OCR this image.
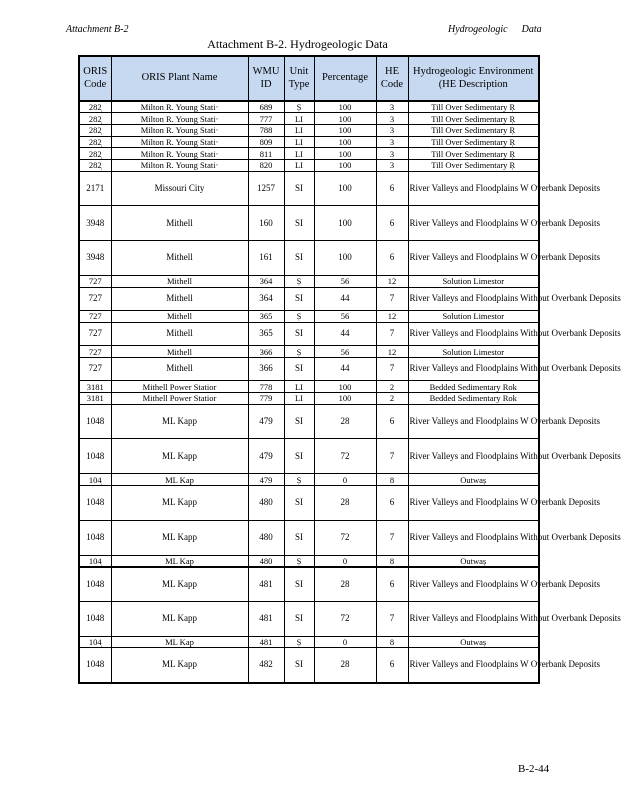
Attachment B-2	Hydrogeologic Data
Attachment B-2. Hydrogeologic Data
ORIS Code	ORIS Plant Name	WMU ID	Unit Type	Percentage	HE Code	Hydrogeologic Environment (HE Description
282̣	Milton R. Young Stati‧	689	Ṣ	100	3	Till Over Sedimentary Ṛ
282̣	Milton R. Young Stati‧	777	LI	100	3	Till Over Sedimentary Ṛ
282̣	Milton R. Young Stati‧	788	LI	100	3	Till Over Sedimentary Ṛ
282̣	Milton R. Young Stati‧	809	LI	100	3	Till Over Sedimentary Ṛ
282̣	Milton R. Young Stati‧	811	LI	100	3	Till Over Sedimentary Ṛ
282̣	Milton R. Young Stati‧	820	LI	100	3	Till Over Sedimentary Ṛ
2171	Missouri City	1257	SI	100	6	River Valleys and Floodplains W Overbank Deposits
3948	Mithell	160	SI	100	6	River Valleys and Floodplains W Overbank Deposits
3948	Mithell	161	SI	100	6	River Valleys and Floodplains W Overbank Deposits
727	Mithell	364	Ṣ	56	12	Solution Limestor
727	Mithell	364	SI	44	7	River Valleys and Floodplains Without Overbank Deposits
727	Mithell	365	Ṣ	56	12	Solution Limestor
727	Mithell	365	SI	44	7	River Valleys and Floodplains Without Overbank Deposits
727	Mithell	366	Ṣ	56	12	Solution Limestor
727	Mithell	366	SI	44	7	River Valleys and Floodplains Without Overbank Deposits
3181	Mithell Power Statior	778	LI	100	2	Bedded Sedimentary Rok
3181	Mithell Power Statior	779	LI	100	2	Bedded Sedimentary Rok
1048	ML Kapp	479	SI	28	6	River Valleys and Floodplains W Overbank Deposits
1048	ML Kapp	479	SI	72	7	River Valleys and Floodplains Without Overbank Deposits
104̣	ML Kap	479	Ṣ	0	8	Outwaṣ
1048	ML Kapp	480	SI	28	6	River Valleys and Floodplains W Overbank Deposits
1048	ML Kapp	480	SI	72	7	River Valleys and Floodplains Without Overbank Deposits
104̣	ML Kap	480	Ṣ	0	8	Outwaṣ
1048	ML Kapp	481	SI	28	6	River Valleys and Floodplains W Overbank Deposits
1048	ML Kapp	481	SI	72	7	River Valleys and Floodplains Without Overbank Deposits
104̣	ML Kap	481	Ṣ	0	8	Outwaṣ
1048	ML Kapp	482	SI	28	6	River Valleys and Floodplains W Overbank Deposits
B-2-44
